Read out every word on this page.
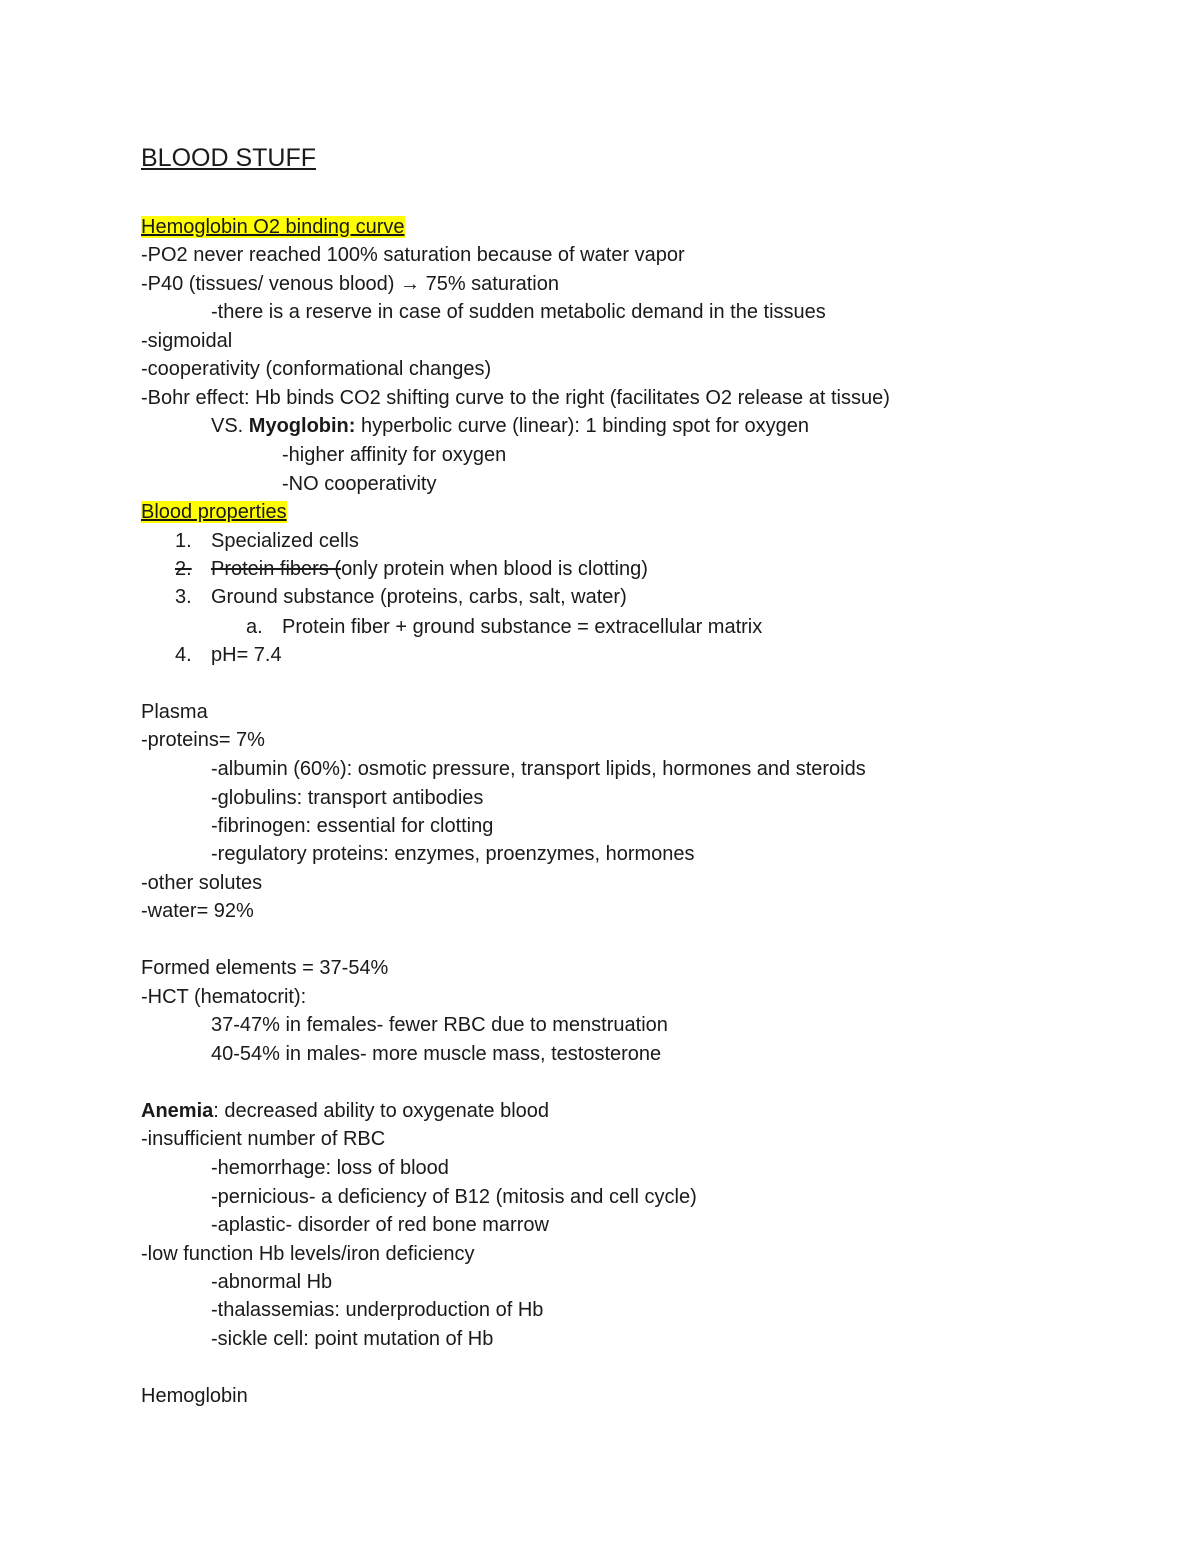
BLOOD STUFF
Hemoglobin O2 binding curve
-PO2 never reached 100% saturation because of water vapor
-P40 (tissues/ venous blood) → 75% saturation
-there is a reserve in case of sudden metabolic demand in the tissues
-sigmoidal
-cooperativity (conformational changes)
-Bohr effect: Hb binds CO2 shifting curve to the right (facilitates O2 release at tissue)
VS. Myoglobin: hyperbolic curve (linear): 1 binding spot for oxygen
-higher affinity for oxygen
-NO cooperativity
Blood properties
1. Specialized cells
2. Protein fibers (only protein when blood is clotting)
3. Ground substance (proteins, carbs, salt, water)
a. Protein fiber + ground substance = extracellular matrix
4. pH= 7.4
Plasma
-proteins= 7%
-albumin (60%): osmotic pressure, transport lipids, hormones and steroids
-globulins: transport antibodies
-fibrinogen: essential for clotting
-regulatory proteins: enzymes, proenzymes, hormones
-other solutes
-water= 92%
Formed elements = 37-54%
-HCT (hematocrit):
37-47% in females- fewer RBC due to menstruation
40-54% in males- more muscle mass, testosterone
Anemia: decreased ability to oxygenate blood
-insufficient number of RBC
-hemorrhage: loss of blood
-pernicious- a deficiency of B12 (mitosis and cell cycle)
-aplastic- disorder of red bone marrow
-low function Hb levels/iron deficiency
-abnormal Hb
-thalassemias: underproduction of Hb
-sickle cell: point mutation of Hb
Hemoglobin
